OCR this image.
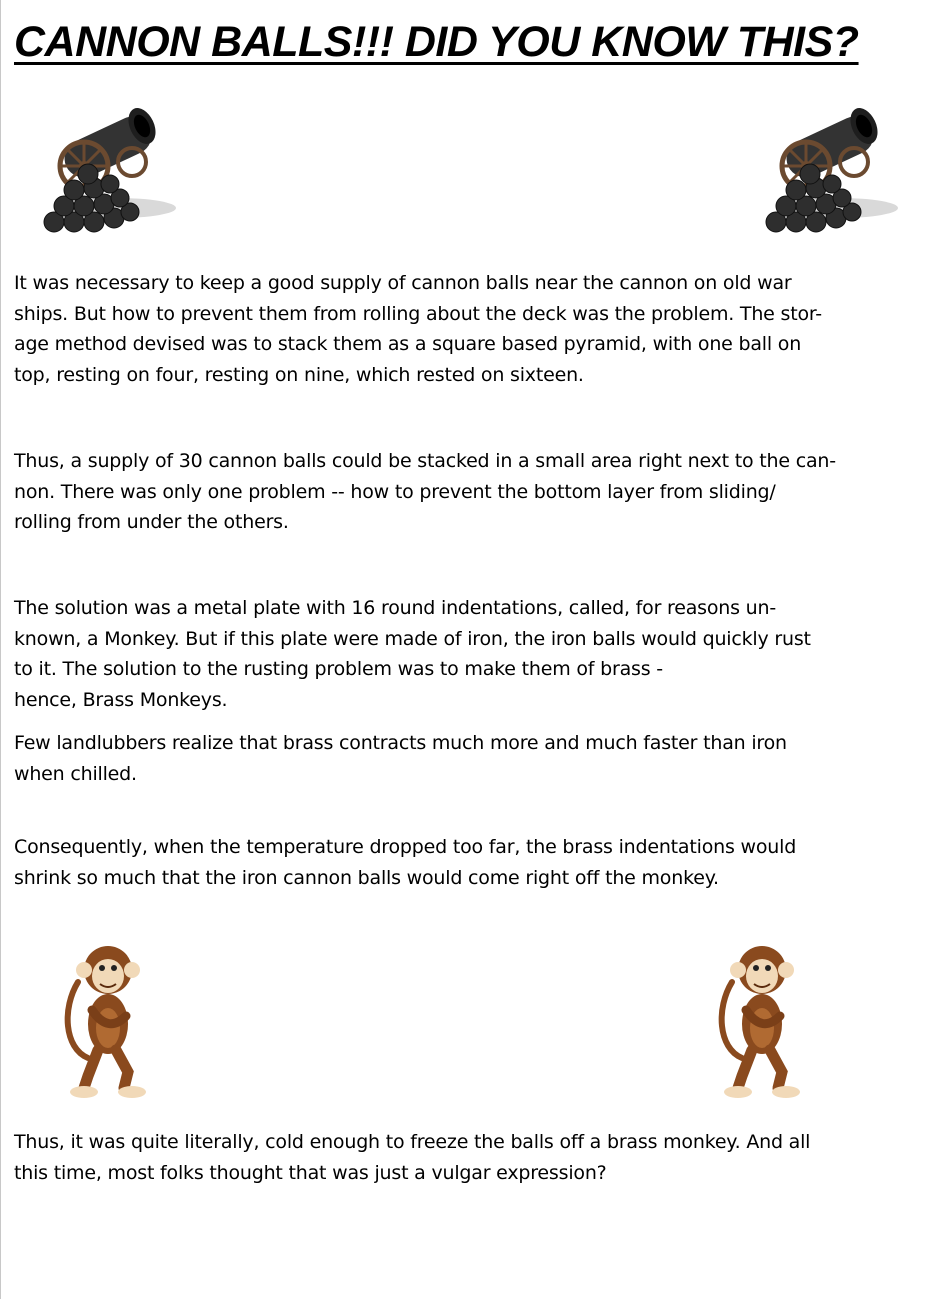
CANNON BALLS!!! DID YOU KNOW THIS?

It was necessary to keep a good supply of cannon balls near the cannon on old war
ships. But how to prevent them from rolling about the deck was the problem. The stor-
age method devised was to stack them as a square based pyramid, with one ball on
top, resting on four, resting on nine, which rested on sixteen.

Thus, a supply of 30 cannon balls could be stacked in a small area right next to the can-
non. There was only one problem -- how to prevent the bottom layer from sliding/
rolling from under the others.

The solution was a metal plate with 16 round indentations, called, for reasons un-
known, a Monkey. But if this plate were made of iron, the iron balls would quickly rust
to it. The solution to the rusting problem was to make them of brass -
hence, Brass Monkeys.

Few landlubbers realize that brass contracts much more and much faster than iron
when chilled.

Consequently, when the temperature dropped too far, the brass indentations would
shrink so much that the iron cannon balls would come right off the monkey.

Thus, it was quite literally, cold enough to freeze the balls off a brass monkey. And all
this time, most folks thought that was just a vulgar expression?
